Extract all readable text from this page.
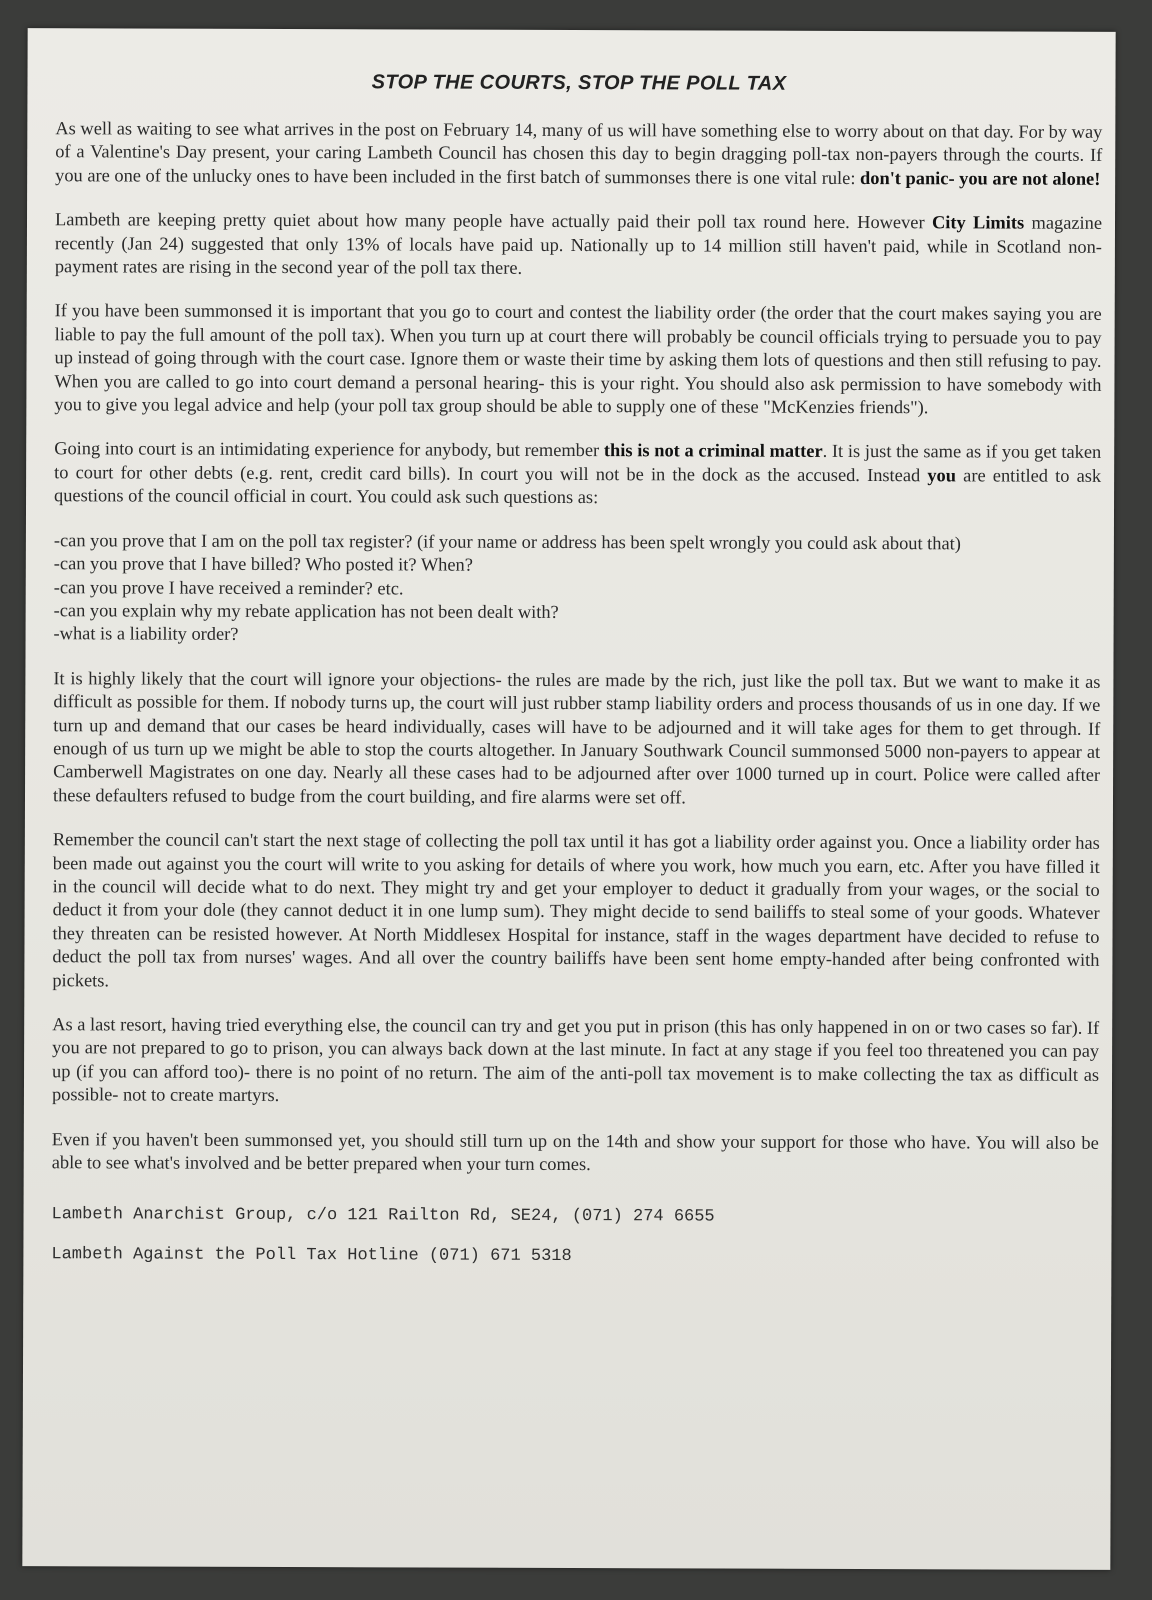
STOP THE COURTS, STOP THE POLL TAX

As well as waiting to see what arrives in the post on February 14, many of us will have something else to worry about on that day. For by way of a Valentine's Day present, your caring Lambeth Council has chosen this day to begin dragging poll-tax non-payers through the courts. If you are one of the unlucky ones to have been included in the first batch of summonses there is one vital rule: don't panic- you are not alone!

Lambeth are keeping pretty quiet about how many people have actually paid their poll tax round here. However City Limits magazine recently (Jan 24) suggested that only 13% of locals have paid up. Nationally up to 14 million still haven't paid, while in Scotland non-payment rates are rising in the second year of the poll tax there.

If you have been summonsed it is important that you go to court and contest the liability order (the order that the court makes saying you are liable to pay the full amount of the poll tax). When you turn up at court there will probably be council officials trying to persuade you to pay up instead of going through with the court case. Ignore them or waste their time by asking them lots of questions and then still refusing to pay. When you are called to go into court demand a personal hearing- this is your right. You should also ask permission to have somebody with you to give you legal advice and help (your poll tax group should be able to supply one of these "McKenzies friends").

Going into court is an intimidating experience for anybody, but remember this is not a criminal matter. It is just the same as if you get taken to court for other debts (e.g. rent, credit card bills). In court you will not be in the dock as the accused. Instead you are entitled to ask questions of the council official in court. You could ask such questions as:

-can you prove that I am on the poll tax register? (if your name or address has been spelt wrongly you could ask about that)
-can you prove that I have billed? Who posted it? When?
-can you prove I have received a reminder? etc.
-can you explain why my rebate application has not been dealt with?
-what is a liability order?

It is highly likely that the court will ignore your objections- the rules are made by the rich, just like the poll tax. But we want to make it as difficult as possible for them. If nobody turns up, the court will just rubber stamp liability orders and process thousands of us in one day. If we turn up and demand that our cases be heard individually, cases will have to be adjourned and it will take ages for them to get through. If enough of us turn up we might be able to stop the courts altogether. In January Southwark Council summonsed 5000 non-payers to appear at Camberwell Magistrates on one day. Nearly all these cases had to be adjourned after over 1000 turned up in court. Police were called after these defaulters refused to budge from the court building, and fire alarms were set off.

Remember the council can't start the next stage of collecting the poll tax until it has got a liability order against you. Once a liability order has been made out against you the court will write to you asking for details of where you work, how much you earn, etc. After you have filled it in the council will decide what to do next. They might try and get your employer to deduct it gradually from your wages, or the social to deduct it from your dole (they cannot deduct it in one lump sum). They might decide to send bailiffs to steal some of your goods. Whatever they threaten can be resisted however. At North Middlesex Hospital for instance, staff in the wages department have decided to refuse to deduct the poll tax from nurses' wages. And all over the country bailiffs have been sent home empty-handed after being confronted with pickets.

As a last resort, having tried everything else, the council can try and get you put in prison (this has only happened in on or two cases so far). If you are not prepared to go to prison, you can always back down at the last minute. In fact at any stage if you feel too threatened you can pay up (if you can afford too)- there is no point of no return. The aim of the anti-poll tax movement is to make collecting the tax as difficult as possible- not to create martyrs.

Even if you haven't been summonsed yet, you should still turn up on the 14th and show your support for those who have. You will also be able to see what's involved and be better prepared when your turn comes.

Lambeth Anarchist Group, c/o 121 Railton Rd, SE24, (071) 274 6655
Lambeth Against the Poll Tax Hotline (071) 671 5318
